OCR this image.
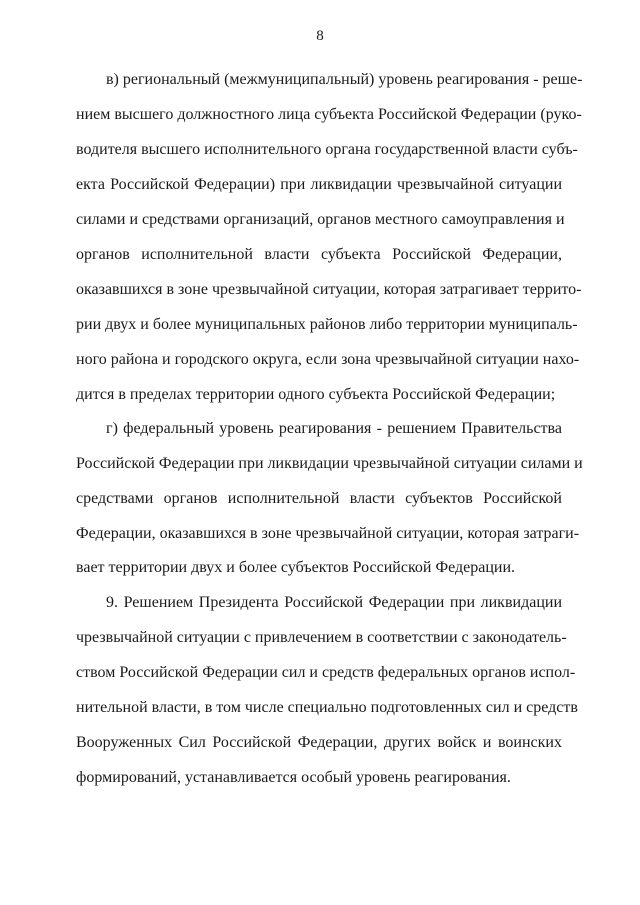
8
в) региональный (межмуниципальный) уровень реагирования - реше-
нием высшего должностного лица субъекта Российской Федерации (руко-
водителя высшего исполнительного органа государственной власти субъ-
екта Российской Федерации) при ликвидации чрезвычайной ситуации
силами и средствами организаций, органов местного самоуправления и
органов исполнительной власти субъекта Российской Федерации,
оказавшихся в зоне чрезвычайной ситуации, которая затрагивает террито-
рии двух и более муниципальных районов либо территории муниципаль-
ного района и городского округа, если зона чрезвычайной ситуации нахо-
дится в пределах территории одного субъекта Российской Федерации;
г) федеральный уровень реагирования - решением Правительства
Российской Федерации при ликвидации чрезвычайной ситуации силами и
средствами органов исполнительной власти субъектов Российской
Федерации, оказавшихся в зоне чрезвычайной ситуации, которая затраги-
вает территории двух и более субъектов Российской Федерации.
9. Решением Президента Российской Федерации при ликвидации
чрезвычайной ситуации с привлечением в соответствии с законодатель-
ством Российской Федерации сил и средств федеральных органов испол-
нительной власти, в том числе специально подготовленных сил и средств
Вооруженных Сил Российской Федерации, других войск и воинских
формирований, устанавливается особый уровень реагирования.
